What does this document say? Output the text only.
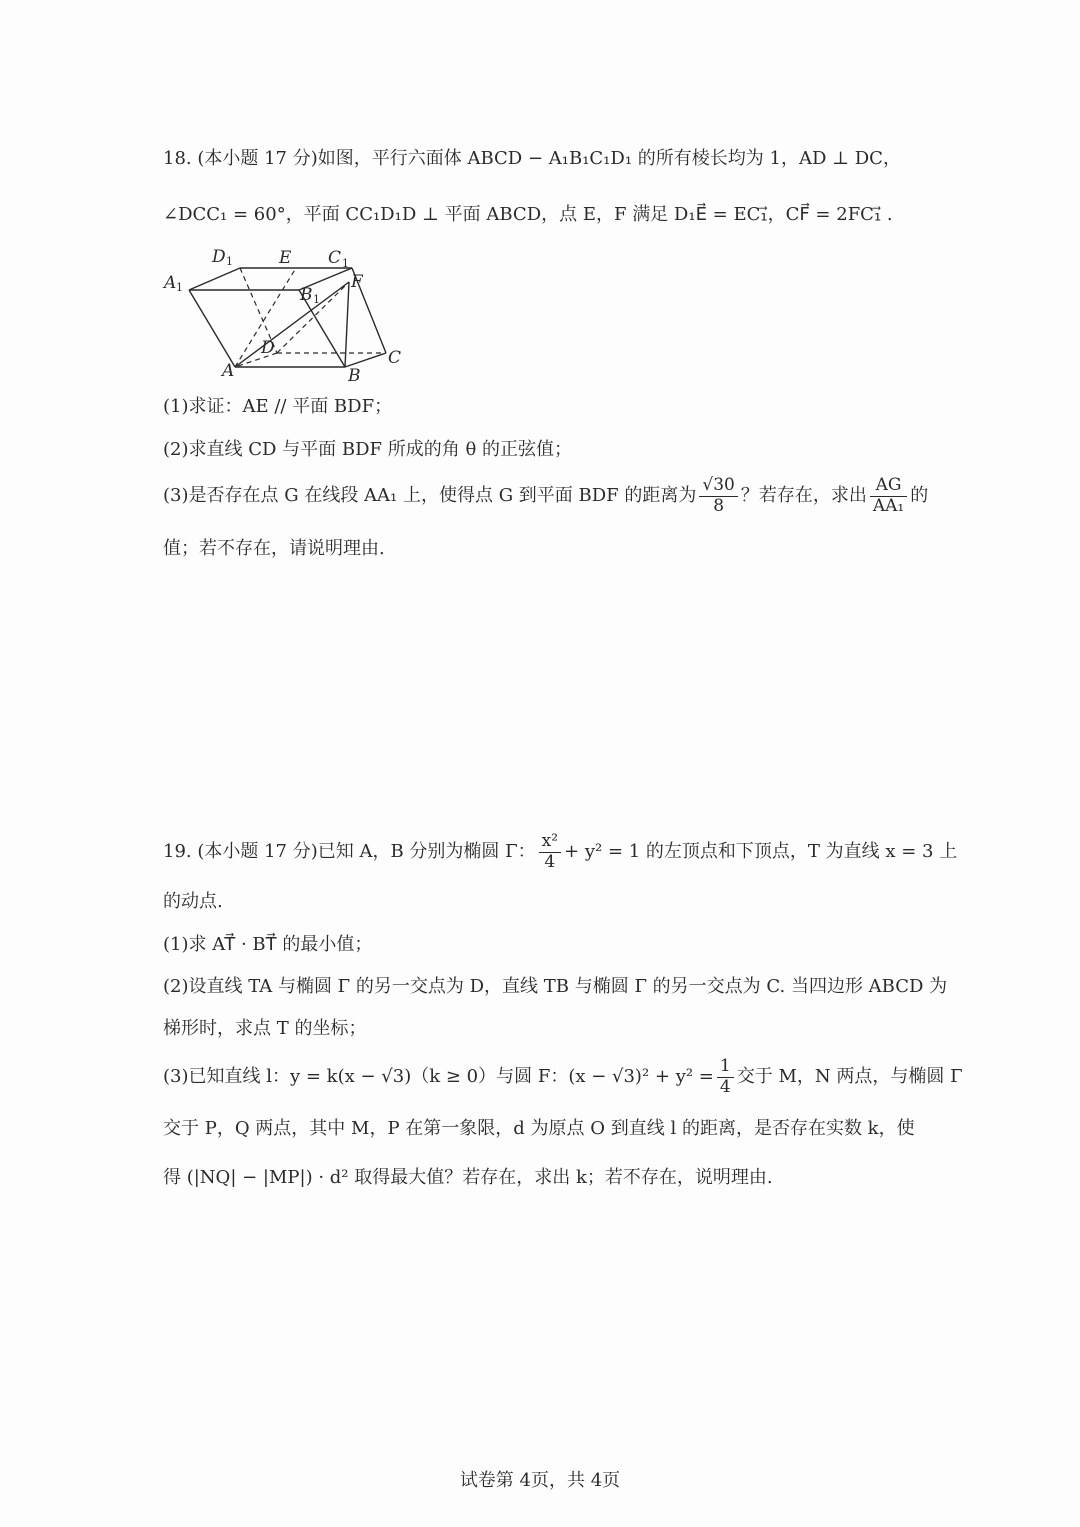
18. (本小题 17 分)如图，平行六面体 ABCD − A₁B₁C₁D₁ 的所有棱长均为 1，AD ⊥ DC，
∠DCC₁ = 60°，平面 CC₁D₁D ⊥ 平面 ABCD，点 E，F 满足 D₁E⃗ = EC₁⃗，CF⃗ = 2FC₁⃗ .
A 1
D 1	E C 1
B 1
F
D
A	B
C
(1)求证：AE // 平面 BDF；
(2)求直线 CD 与平面 BDF 所成的角 θ 的正弦值；
(3)是否存在点 G 在线段 AA₁ 上，使得点 G 到平面 BDF 的距离为 $\frac{√30}{8}$ ？若存在，求出 $\frac{AG}{\text{AA₁}}$ 的
值；若不存在，请说明理由.
19. (本小题 17 分)已知 A，B 分别为椭圆 Γ： $\frac{\text{x²}}{4} + y^2 = 1$ 的左顶点和下顶点，T 为直线 x = 3 上
的动点.
(1)求 AT⃗ · BT⃗ 的最小值；
(2)设直线 TA 与椭圆 Γ 的另一交点为 D，直线 TB 与椭圆 Γ 的另一交点为 C. 当四边形 ABCD 为
梯形时，求点 T 的坐标；
(3)已知直线 l：y = k(x − √3)（k ≥ 0）与圆 F：$(x - √3)^2 + y^2 = \frac{1}{4}$ 交于 M，N 两点，与椭圆 Γ
交于 P，Q 两点，其中 M，P 在第一象限，d 为原点 O 到直线 l 的距离，是否存在实数 k，使
得 (|NQ| − |MP|) · d² 取得最大值？若存在，求出 k；若不存在，说明理由.
试卷第 4页，共 4页
